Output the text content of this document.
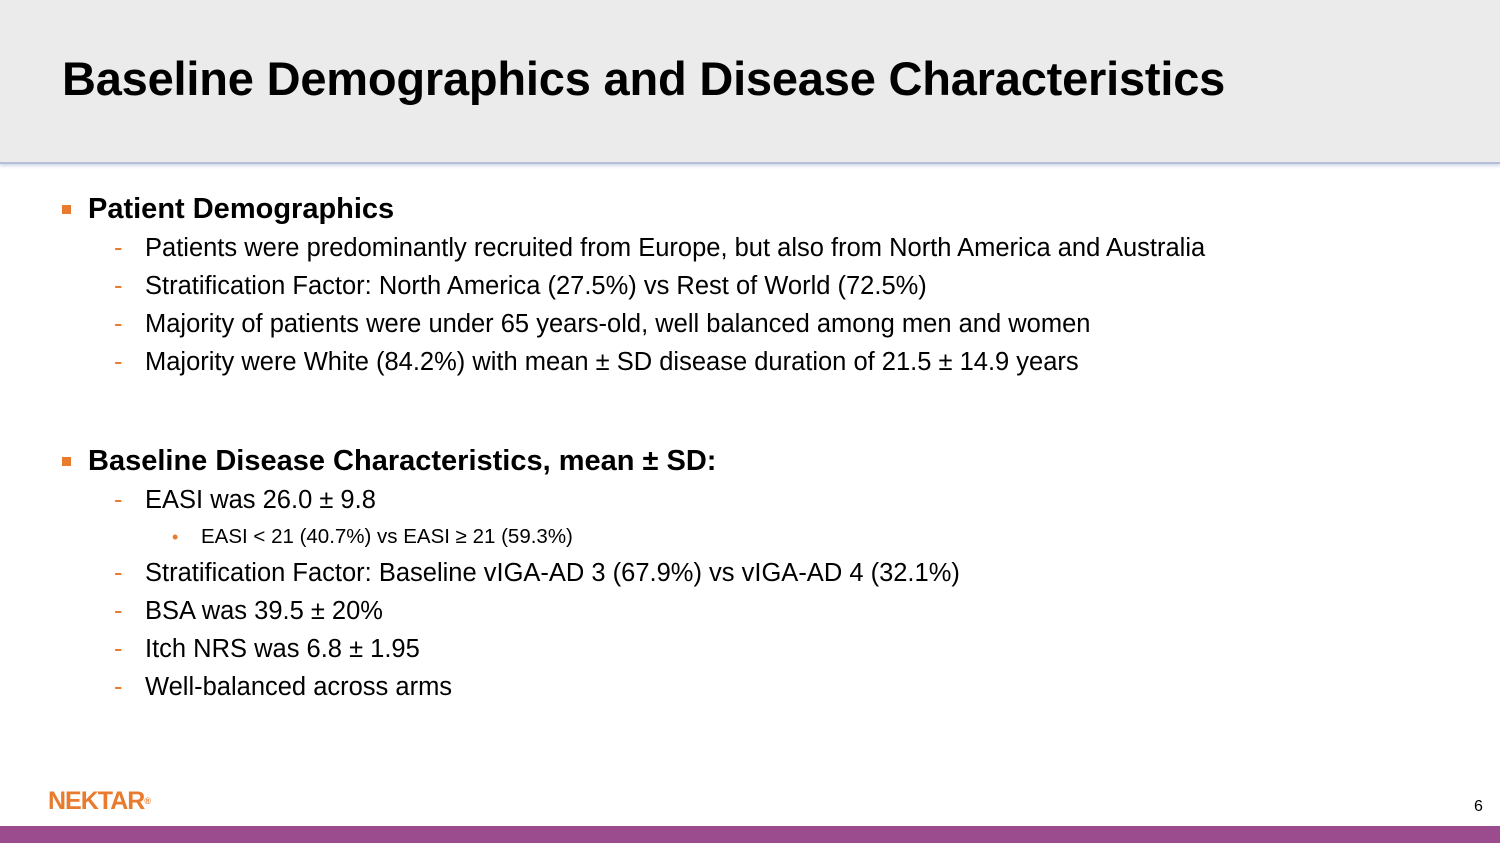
Baseline Demographics and Disease Characteristics
Patient Demographics
- Patients were predominantly recruited from Europe, but also from North America and Australia
- Stratification Factor: North America (27.5%) vs Rest of World (72.5%)
- Majority of patients were under 65 years-old, well balanced among men and women
- Majority were White (84.2%) with mean ± SD disease duration of 21.5 ± 14.9 years
Baseline Disease Characteristics, mean ± SD:
- EASI was 26.0 ± 9.8
• EASI < 21 (40.7%) vs EASI ≥ 21 (59.3%)
- Stratification Factor: Baseline vIGA-AD 3 (67.9%) vs vIGA-AD 4 (32.1%)
- BSA was 39.5 ± 20%
- Itch NRS was 6.8 ± 1.95
- Well-balanced across arms
NEKTAR®	6
